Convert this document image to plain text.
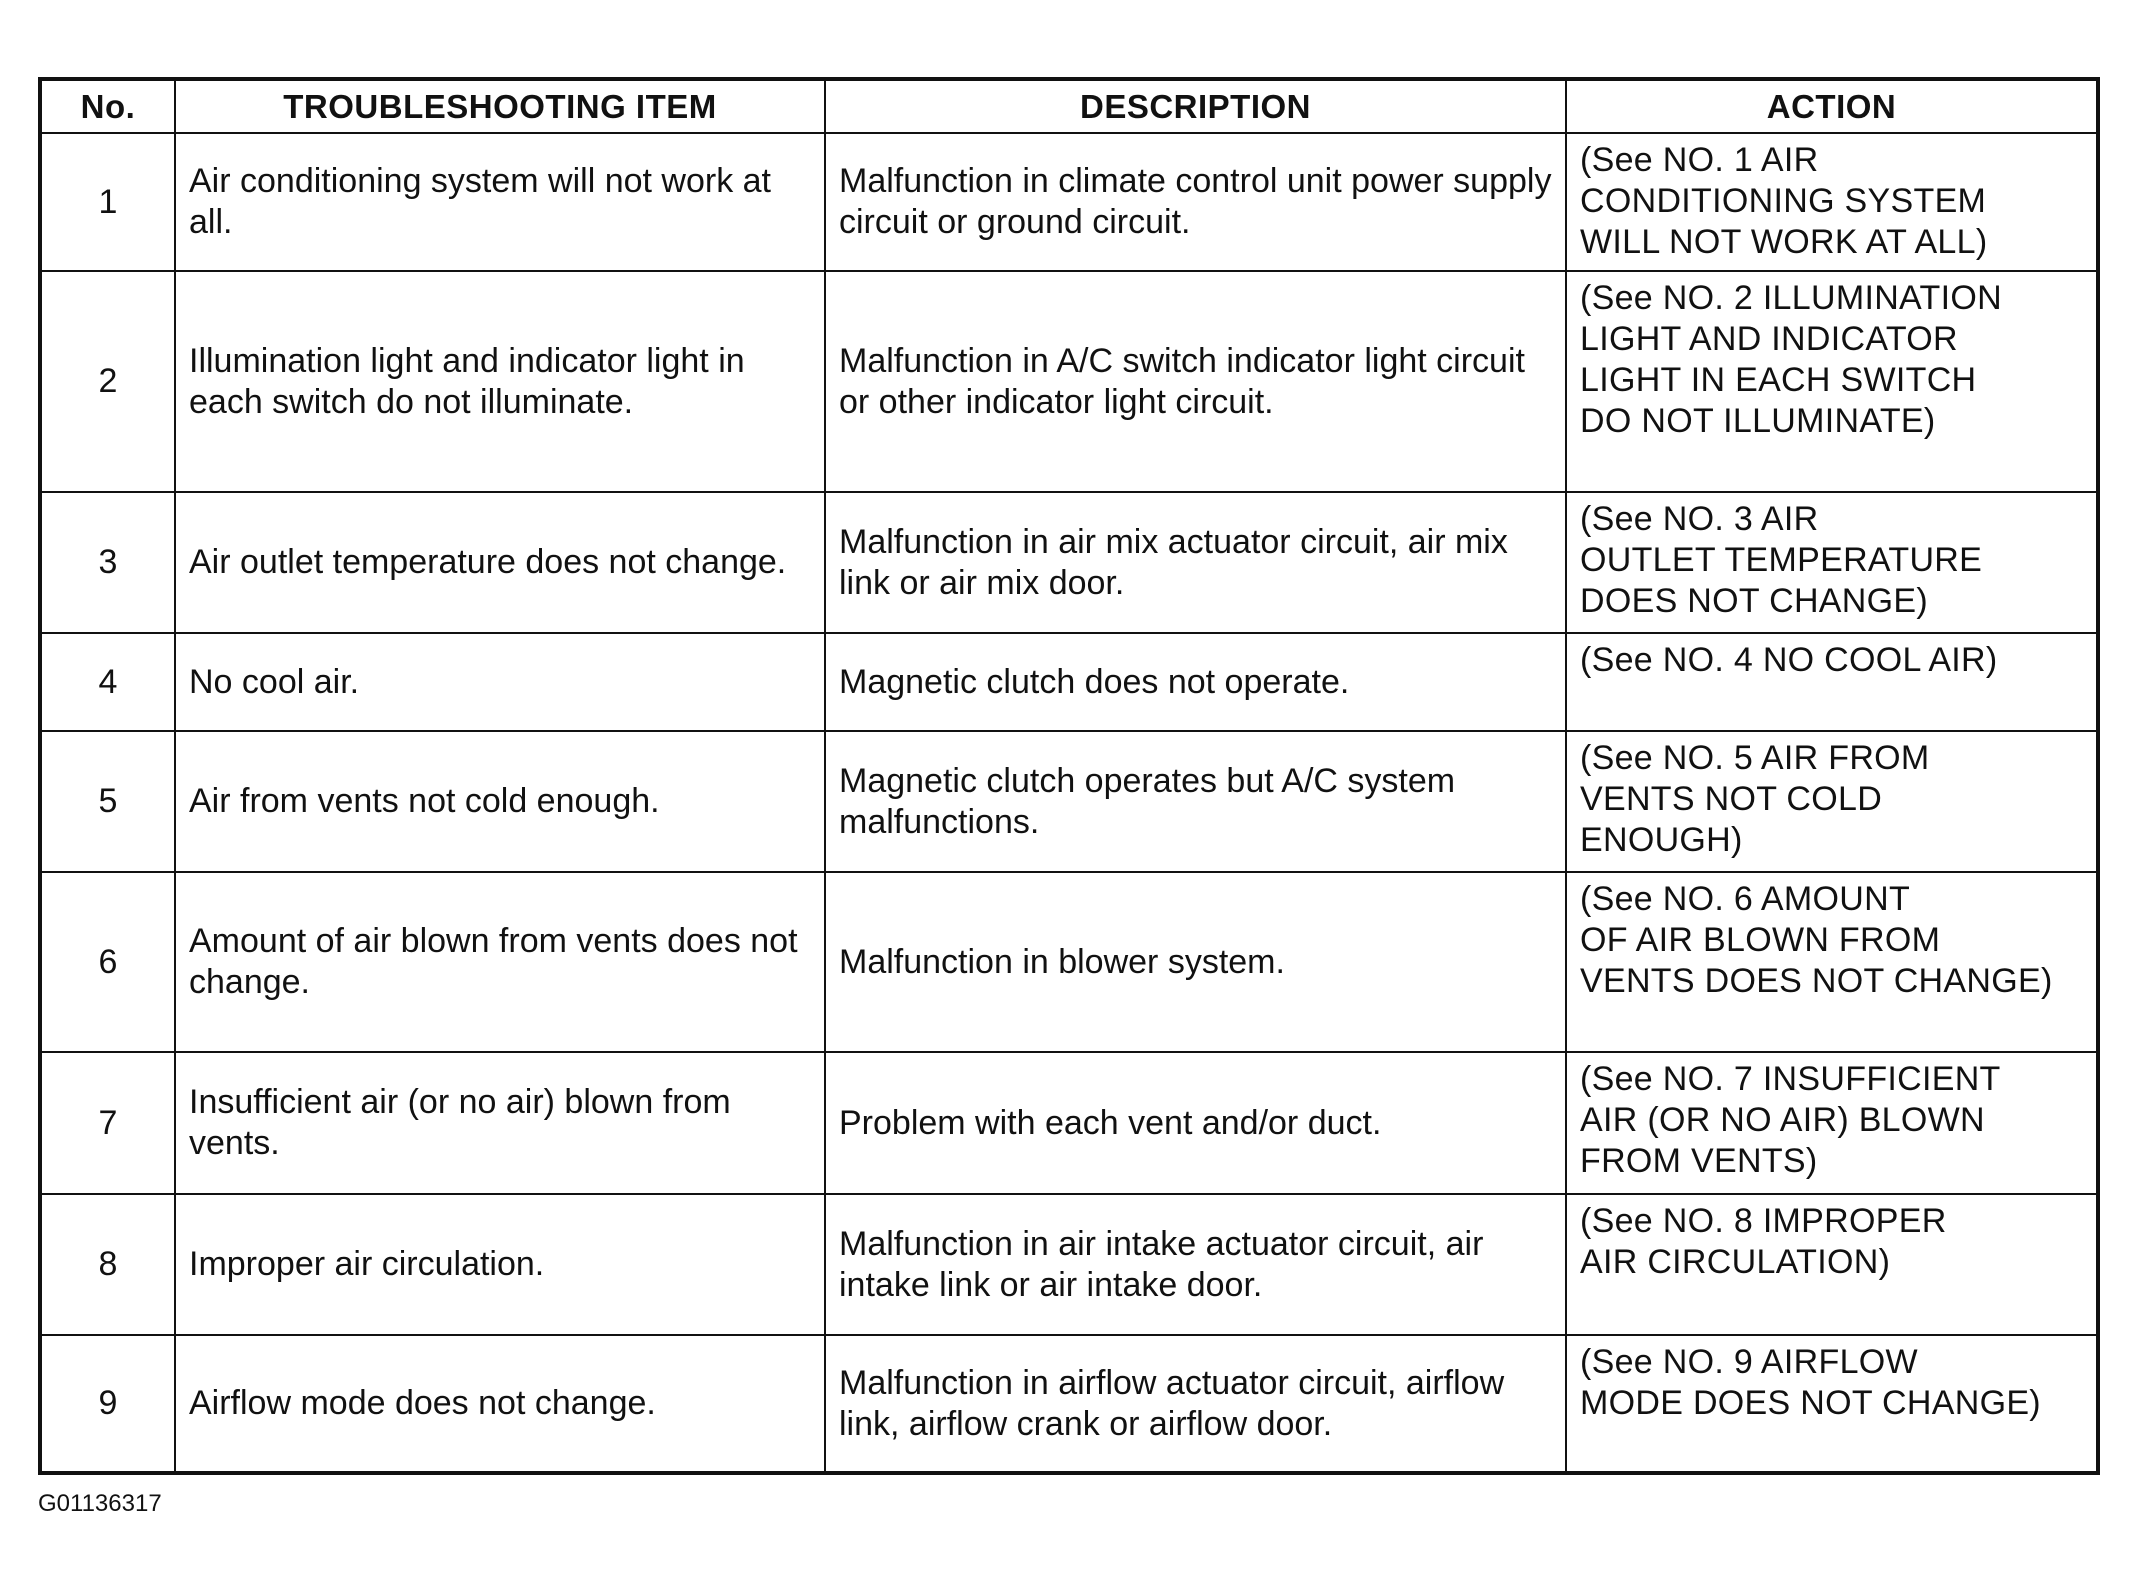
No.	TROUBLESHOOTING ITEM	DESCRIPTION	ACTION
1	Air conditioning system will not work at all.	Malfunction in climate control unit power supply circuit or ground circuit.	(See NO. 1 AIR
CONDITIONING SYSTEM
WILL NOT WORK AT ALL)

2	Illumination light and indicator light in each switch do not illuminate.	Malfunction in A/C switch indicator light circuit or other indicator light circuit.	(See NO. 2 ILLUMINATION
LIGHT AND INDICATOR
LIGHT IN EACH SWITCH
DO NOT ILLUMINATE)

3	Air outlet temperature does not change.	Malfunction in air mix actuator circuit, air mix link or air mix door.	(See NO. 3 AIR
OUTLET TEMPERATURE
DOES NOT CHANGE)

4	No cool air.	Magnetic clutch does not operate.	(See NO. 4 NO COOL AIR)

5	Air from vents not cold enough.	Magnetic clutch operates but A/C system malfunctions.	(See NO. 5 AIR FROM
VENTS NOT COLD
ENOUGH)

6	Amount of air blown from vents does not change.	Malfunction in blower system.	(See NO. 6 AMOUNT
OF AIR BLOWN FROM
VENTS DOES NOT CHANGE)

7	Insufficient air (or no air) blown from vents.	Problem with each vent and/or duct.	(See NO. 7 INSUFFICIENT
AIR (OR NO AIR) BLOWN
FROM VENTS)

8	Improper air circulation.	Malfunction in air intake actuator circuit, air intake link or air intake door.	(See NO. 8 IMPROPER
AIR CIRCULATION)

9	Airflow mode does not change.	Malfunction in airflow actuator circuit, airflow link, airflow crank or airflow door.	(See NO. 9 AIRFLOW
MODE DOES NOT CHANGE)
G01136317
